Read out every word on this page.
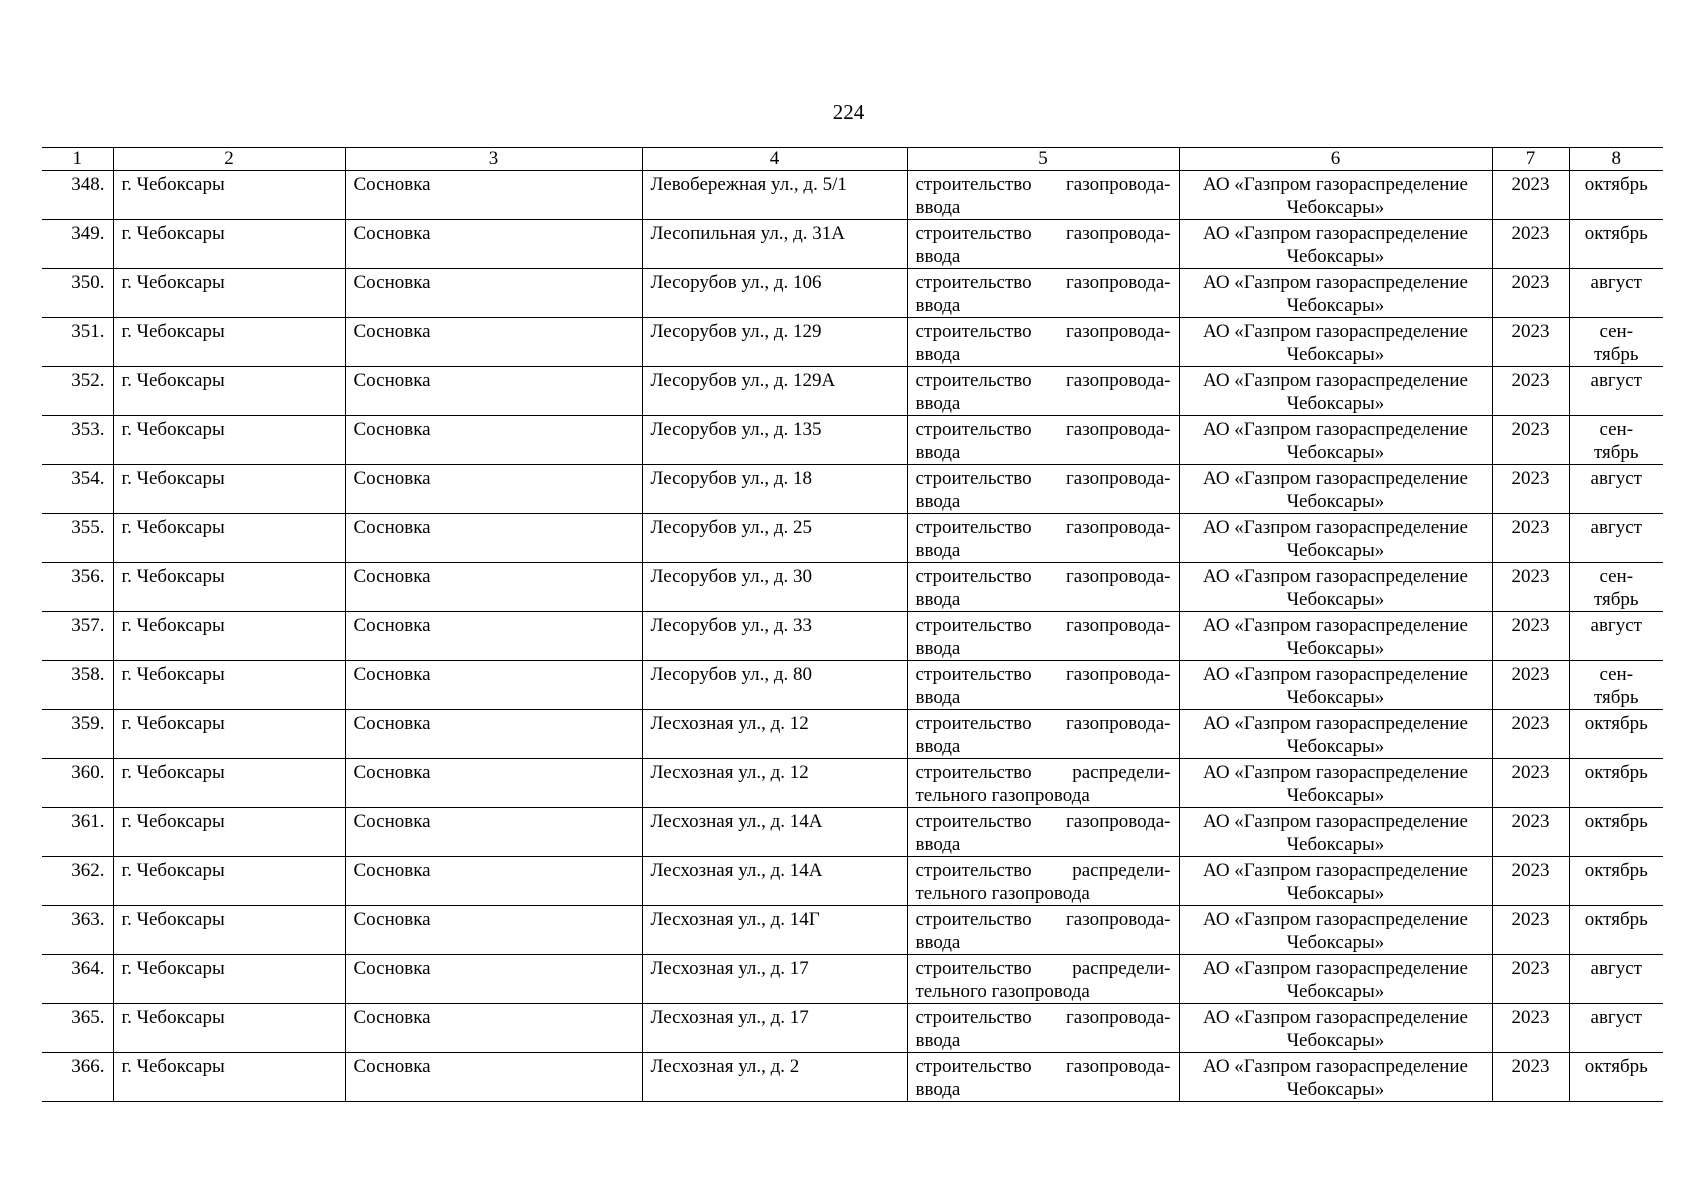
224
1	2	3	4	5	6	7	8
348.	г. Чебоксары	Сосновка	Левобережная ул., д. 5/1	строительство газопровода-ввода	АО «Газпром газораспределение Чебоксары»	2023	октябрь
349.	г. Чебоксары	Сосновка	Лесопильная ул., д. 31А	строительство газопровода-ввода	АО «Газпром газораспределение Чебоксары»	2023	октябрь
350.	г. Чебоксары	Сосновка	Лесорубов ул., д. 106	строительство газопровода-ввода	АО «Газпром газораспределение Чебоксары»	2023	август
351.	г. Чебоксары	Сосновка	Лесорубов ул., д. 129	строительство газопровода-ввода	АО «Газпром газораспределение Чебоксары»	2023	сен-тябрь
352.	г. Чебоксары	Сосновка	Лесорубов ул., д. 129А	строительство газопровода-ввода	АО «Газпром газораспределение Чебоксары»	2023	август
353.	г. Чебоксары	Сосновка	Лесорубов ул., д. 135	строительство газопровода-ввода	АО «Газпром газораспределение Чебоксары»	2023	сен-тябрь
354.	г. Чебоксары	Сосновка	Лесорубов ул., д. 18	строительство газопровода-ввода	АО «Газпром газораспределение Чебоксары»	2023	август
355.	г. Чебоксары	Сосновка	Лесорубов ул., д. 25	строительство газопровода-ввода	АО «Газпром газораспределение Чебоксары»	2023	август
356.	г. Чебоксары	Сосновка	Лесорубов ул., д. 30	строительство газопровода-ввода	АО «Газпром газораспределение Чебоксары»	2023	сен-тябрь
357.	г. Чебоксары	Сосновка	Лесорубов ул., д. 33	строительство газопровода-ввода	АО «Газпром газораспределение Чебоксары»	2023	август
358.	г. Чебоксары	Сосновка	Лесорубов ул., д. 80	строительство газопровода-ввода	АО «Газпром газораспределение Чебоксары»	2023	сен-тябрь
359.	г. Чебоксары	Сосновка	Лесхозная ул., д. 12	строительство газопровода-ввода	АО «Газпром газораспределение Чебоксары»	2023	октябрь
360.	г. Чебоксары	Сосновка	Лесхозная ул., д. 12	строительство распредели-тельного газопровода	АО «Газпром газораспределение Чебоксары»	2023	октябрь
361.	г. Чебоксары	Сосновка	Лесхозная ул., д. 14А	строительство газопровода-ввода	АО «Газпром газораспределение Чебоксары»	2023	октябрь
362.	г. Чебоксары	Сосновка	Лесхозная ул., д. 14А	строительство распредели-тельного газопровода	АО «Газпром газораспределение Чебоксары»	2023	октябрь
363.	г. Чебоксары	Сосновка	Лесхозная ул., д. 14Г	строительство газопровода-ввода	АО «Газпром газораспределение Чебоксары»	2023	октябрь
364.	г. Чебоксары	Сосновка	Лесхозная ул., д. 17	строительство распредели-тельного газопровода	АО «Газпром газораспределение Чебоксары»	2023	август
365.	г. Чебоксары	Сосновка	Лесхозная ул., д. 17	строительство газопровода-ввода	АО «Газпром газораспределение Чебоксары»	2023	август
366.	г. Чебоксары	Сосновка	Лесхозная ул., д. 2	строительство газопровода-ввода	АО «Газпром газораспределение Чебоксары»	2023	октябрь
